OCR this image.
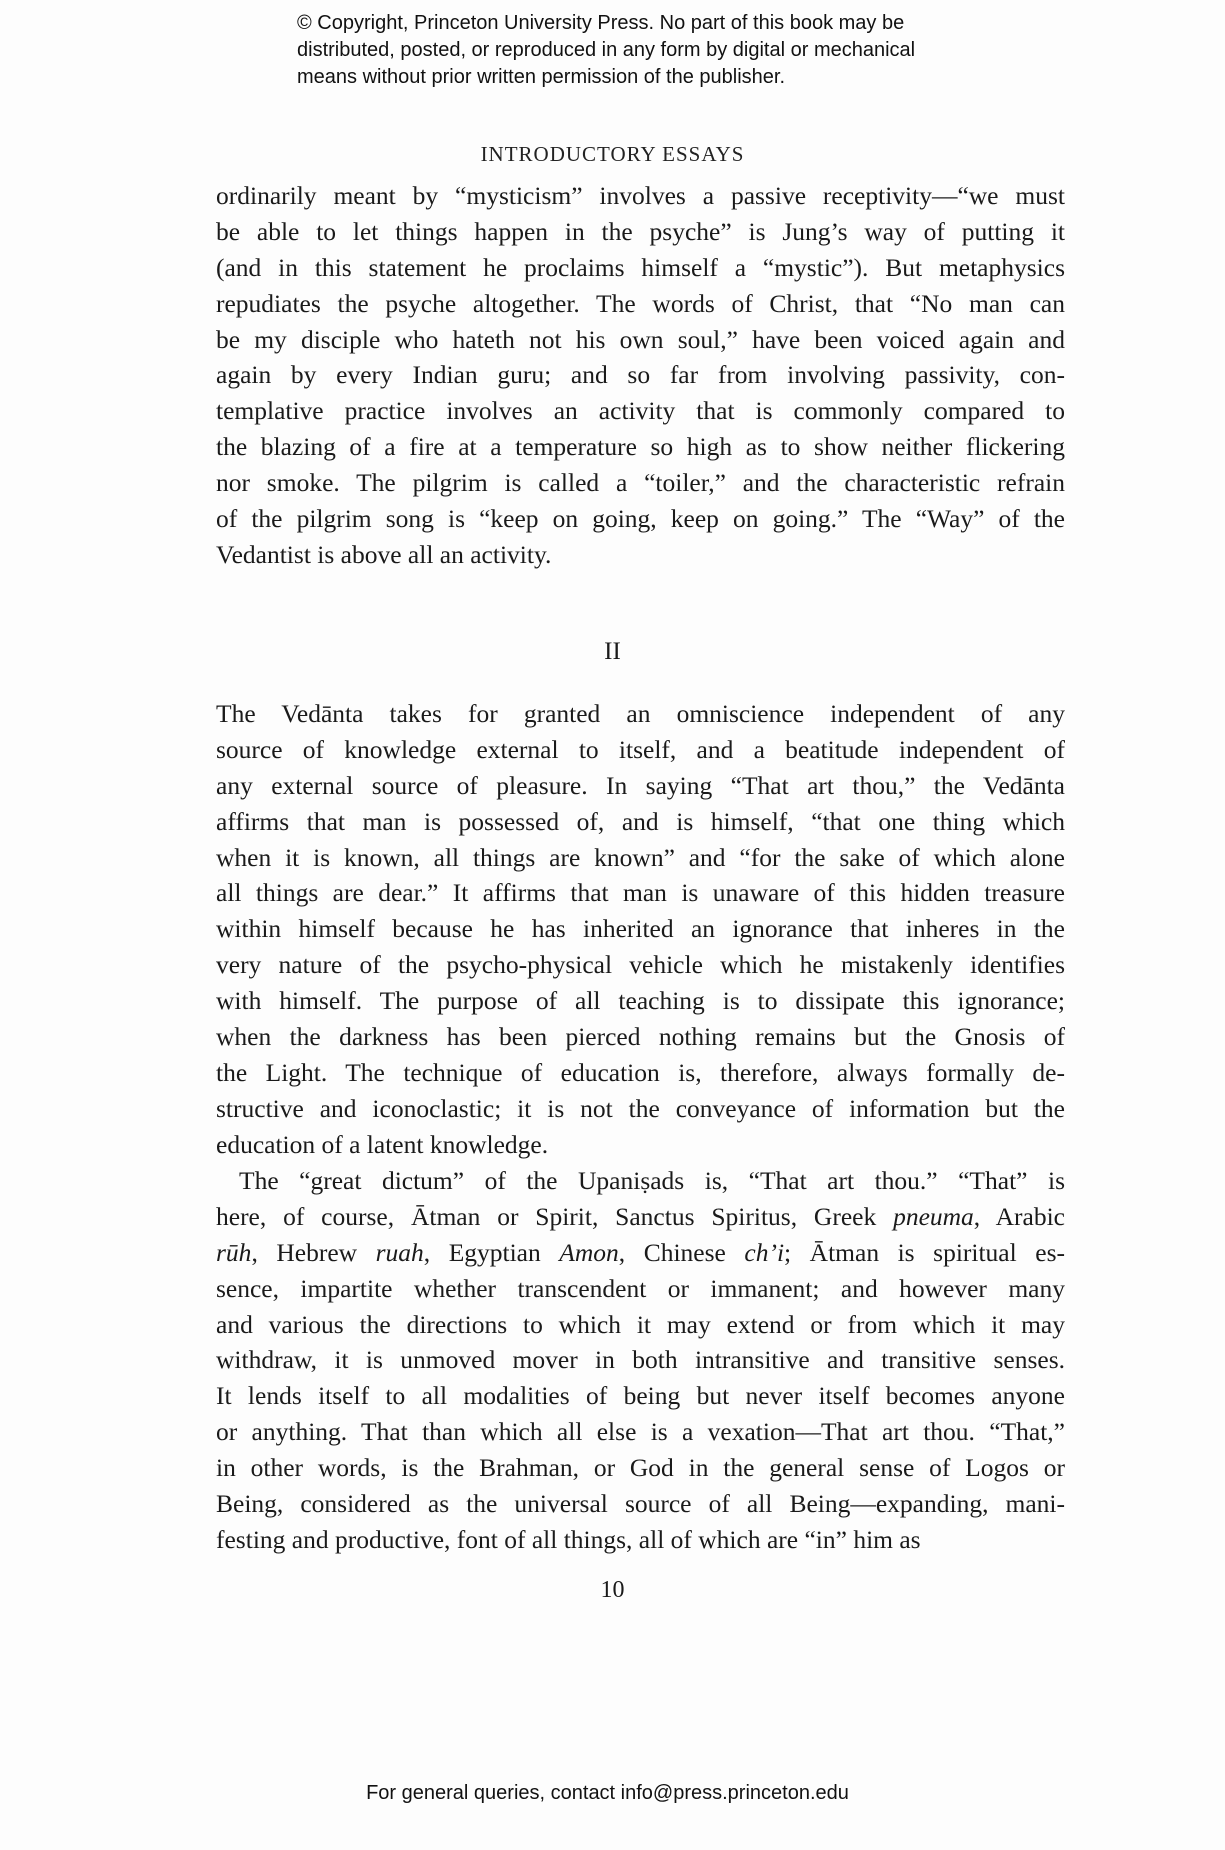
© Copyright, Princeton University Press. No part of this book may be
distributed, posted, or reproduced in any form by digital or mechanical
means without prior written permission of the publisher.
INTRODUCTORY ESSAYS
ordinarily meant by “mysticism” involves a passive receptivity—“we must
be able to let things happen in the psyche” is Jung’s way of putting it
(and in this statement he proclaims himself a “mystic”). But metaphysics
repudiates the psyche altogether. The words of Christ, that “No man can
be my disciple who hateth not his own soul,” have been voiced again and
again by every Indian guru; and so far from involving passivity, con-
templative practice involves an activity that is commonly compared to
the blazing of a fire at a temperature so high as to show neither flickering
nor smoke. The pilgrim is called a “toiler,” and the characteristic refrain
of the pilgrim song is “keep on going, keep on going.” The “Way” of the
Vedantist is above all an activity.
II
The Vedānta takes for granted an omniscience independent of any
source of knowledge external to itself, and a beatitude independent of
any external source of pleasure. In saying “That art thou,” the Vedānta
affirms that man is possessed of, and is himself, “that one thing which
when it is known, all things are known” and “for the sake of which alone
all things are dear.” It affirms that man is unaware of this hidden treasure
within himself because he has inherited an ignorance that inheres in the
very nature of the psycho-physical vehicle which he mistakenly identifies
with himself. The purpose of all teaching is to dissipate this ignorance;
when the darkness has been pierced nothing remains but the Gnosis of
the Light. The technique of education is, therefore, always formally de-
structive and iconoclastic; it is not the conveyance of information but the
education of a latent knowledge.
The “great dictum” of the Upaniṣads is, “That art thou.” “That” is
here, of course, Ātman or Spirit, Sanctus Spiritus, Greek pneuma, Arabic
rūh, Hebrew ruah, Egyptian Amon, Chinese ch’i; Ātman is spiritual es-
sence, impartite whether transcendent or immanent; and however many
and various the directions to which it may extend or from which it may
withdraw, it is unmoved mover in both intransitive and transitive senses.
It lends itself to all modalities of being but never itself becomes anyone
or anything. That than which all else is a vexation—That art thou. “That,”
in other words, is the Brahman, or God in the general sense of Logos or
Being, considered as the universal source of all Being—expanding, mani-
festing and productive, font of all things, all of which are “in” him as
10
For general queries, contact info@press.princeton.edu
